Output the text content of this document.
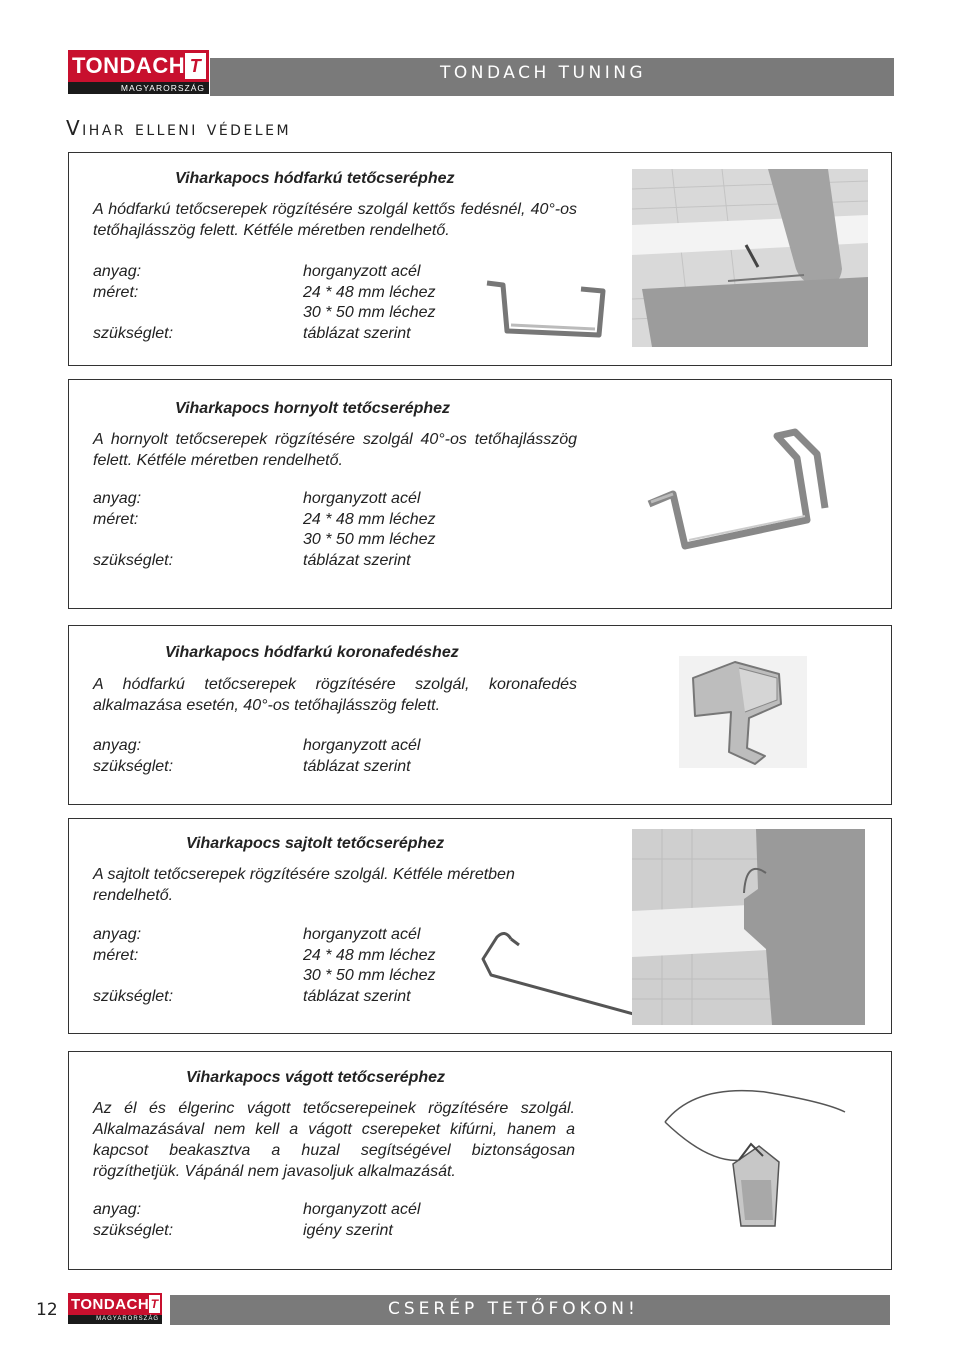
TONDACH T
MAGYARORSZÁG
TONDACH TUNING
Vihar elleni védelem
Viharkapocs hódfarkú tetőcseréphez
A hódfarkú tetőcserepek rögzítésére szolgál kettős fedésnél, 40°-os tetőhajlásszög felett. Kétféle méretben rendelhető.
anyag:	horganyzott acél
méret:	24 * 48 mm léchez
30 * 50 mm léchez
szükséglet:	táblázat szerint
Viharkapocs hornyolt tetőcseréphez
A hornyolt tetőcserepek rögzítésére szolgál 40°-os tetőhajlásszög felett. Kétféle méretben rendelhető.
anyag:	horganyzott acél
méret:	24 * 48 mm léchez
30 * 50 mm léchez
szükséglet:	táblázat szerint
Viharkapocs hódfarkú koronafedéshez
A hódfarkú tetőcserepek rögzítésére szolgál, koronafedés alkalmazása esetén, 40°-os tetőhajlásszög felett.
anyag:	horganyzott acél
szükséglet:	táblázat szerint
Viharkapocs sajtolt tetőcseréphez
A sajtolt tetőcserepek rögzítésére szolgál. Kétféle méretben rendelhető.
anyag:	horganyzott acél
méret:	24 * 48 mm léchez
30 * 50 mm léchez
szükséglet:	táblázat szerint
Viharkapocs vágott tetőcseréphez
Az él és élgerinc vágott tetőcserepeinek rögzítésére szolgál. Alkalmazásával nem kell a vágott cserepeket kifúrni, hanem a kapcsot beakasztva a huzal segítségével biztonságosan rögzíthetjük. Vápánál nem javasoljuk alkalmazását.
anyag:	horganyzott acél
szükséglet:	igény szerint
12 TONDACH T
MAGYARORSZÁG	CSERÉP TETŐFOKON!
